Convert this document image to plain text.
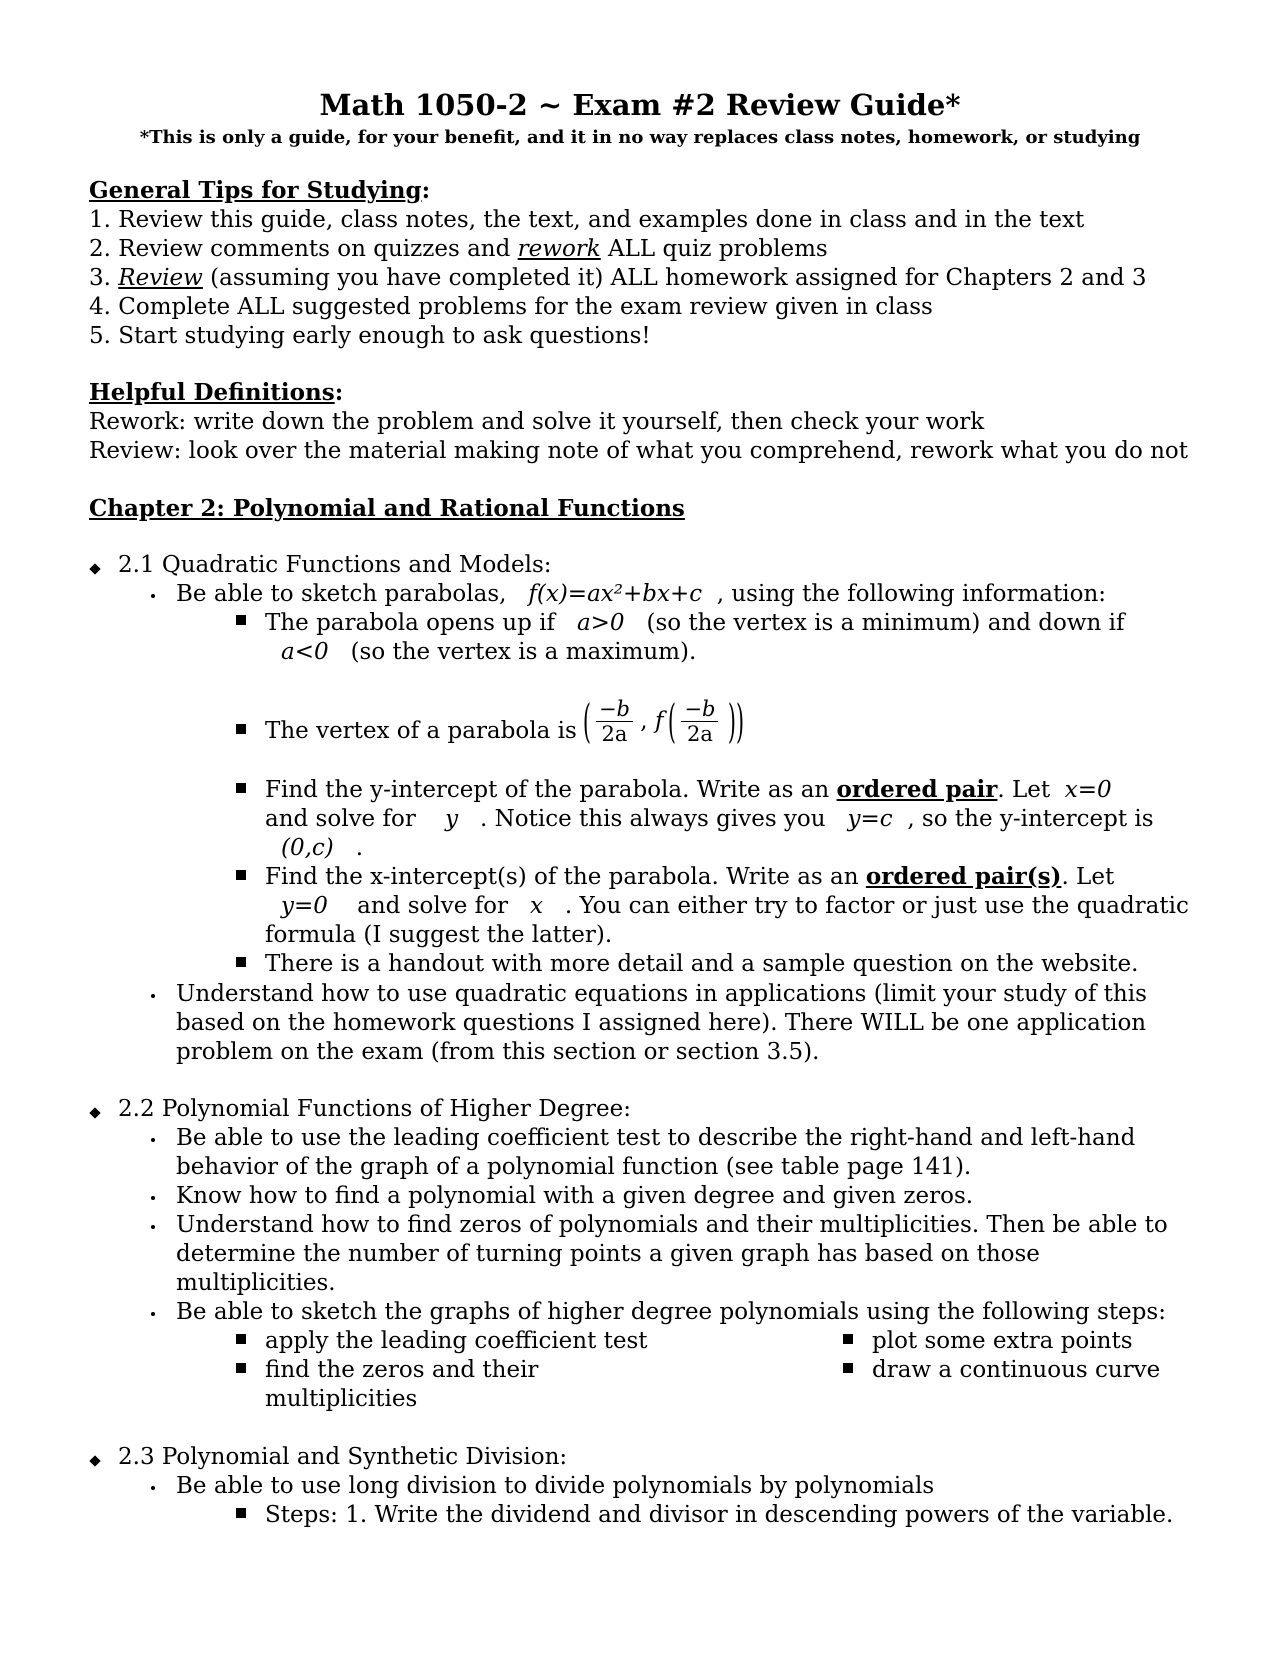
Math 1050-2 ~ Exam #2 Review Guide*
*This is only a guide, for your benefit, and it in no way replaces class notes, homework, or studying
General Tips for Studying:
1. Review this guide, class notes, the text, and examples done in class and in the text
2. Review comments on quizzes and rework ALL quiz problems
3. Review (assuming you have completed it) ALL homework assigned for Chapters 2 and 3
4. Complete ALL suggested problems for the exam review given in class
5. Start studying early enough to ask questions!
Helpful Definitions:
Rework: write down the problem and solve it yourself, then check your work
Review: look over the material making note of what you comprehend, rework what you do not
Chapter 2: Polynomial and Rational Functions
2.1 Quadratic Functions and Models:
Be able to sketch parabolas, f(x)=ax²+bx+c , using the following information:
The parabola opens up if a>0 (so the vertex is a minimum) and down if
a<0 (so the vertex is a maximum).
The vertex of a parabola is ( $\frac{-b}{2a}$ , f ( $\frac{-b}{2a}$ ))
Find the y-intercept of the parabola. Write as an ordered pair. Let x=0
and solve for y . Notice this always gives you y=c , so the y-intercept is
(0,c) .
Find the x-intercept(s) of the parabola. Write as an ordered pair(s). Let
y=0 and solve for x . You can either try to factor or just use the quadratic
formula (I suggest the latter).
There is a handout with more detail and a sample question on the website.
Understand how to use quadratic equations in applications (limit your study of this
based on the homework questions I assigned here). There WILL be one application
problem on the exam (from this section or section 3.5).
2.2 Polynomial Functions of Higher Degree:
Be able to use the leading coefficient test to describe the right-hand and left-hand
behavior of the graph of a polynomial function (see table page 141).
Know how to find a polynomial with a given degree and given zeros.
Understand how to find zeros of polynomials and their multiplicities. Then be able to
determine the number of turning points a given graph has based on those
multiplicities.
Be able to sketch the graphs of higher degree polynomials using the following steps:
apply the leading coefficient test	plot some extra points
find the zeros and their	draw a continuous curve
multiplicities
2.3 Polynomial and Synthetic Division:
Be able to use long division to divide polynomials by polynomials
Steps: 1. Write the dividend and divisor in descending powers of the variable.
